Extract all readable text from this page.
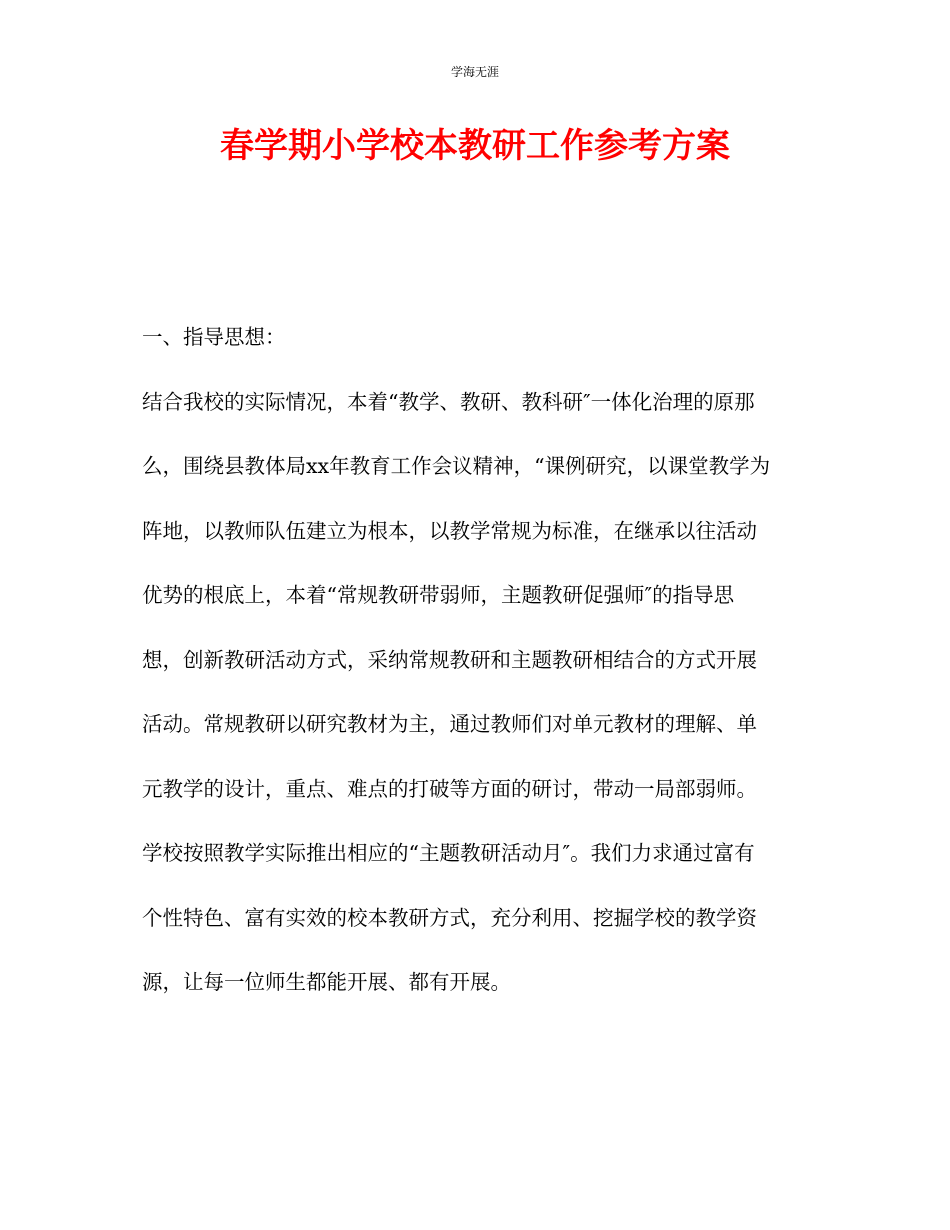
学海无涯
春学期小学校本教研工作参考方案
一、指导思想：
结合我校的实际情况，本着“教学、教研、教科研″一体化治理的原那
么，围绕县教体局xx年教育工作会议精神，“课例研究，以课堂教学为
阵地，以教师队伍建立为根本，以教学常规为标准，在继承以往活动
优势的根底上，本着“常规教研带弱师，主题教研促强师″的指导思
想，创新教研活动方式，采纳常规教研和主题教研相结合的方式开展
活动。常规教研以研究教材为主，通过教师们对单元教材的理解、单
元教学的设计，重点、难点的打破等方面的研讨，带动一局部弱师。
学校按照教学实际推出相应的“主题教研活动月″。我们力求通过富有
个性特色、富有实效的校本教研方式，充分利用、挖掘学校的教学资
源，让每一位师生都能开展、都有开展。
